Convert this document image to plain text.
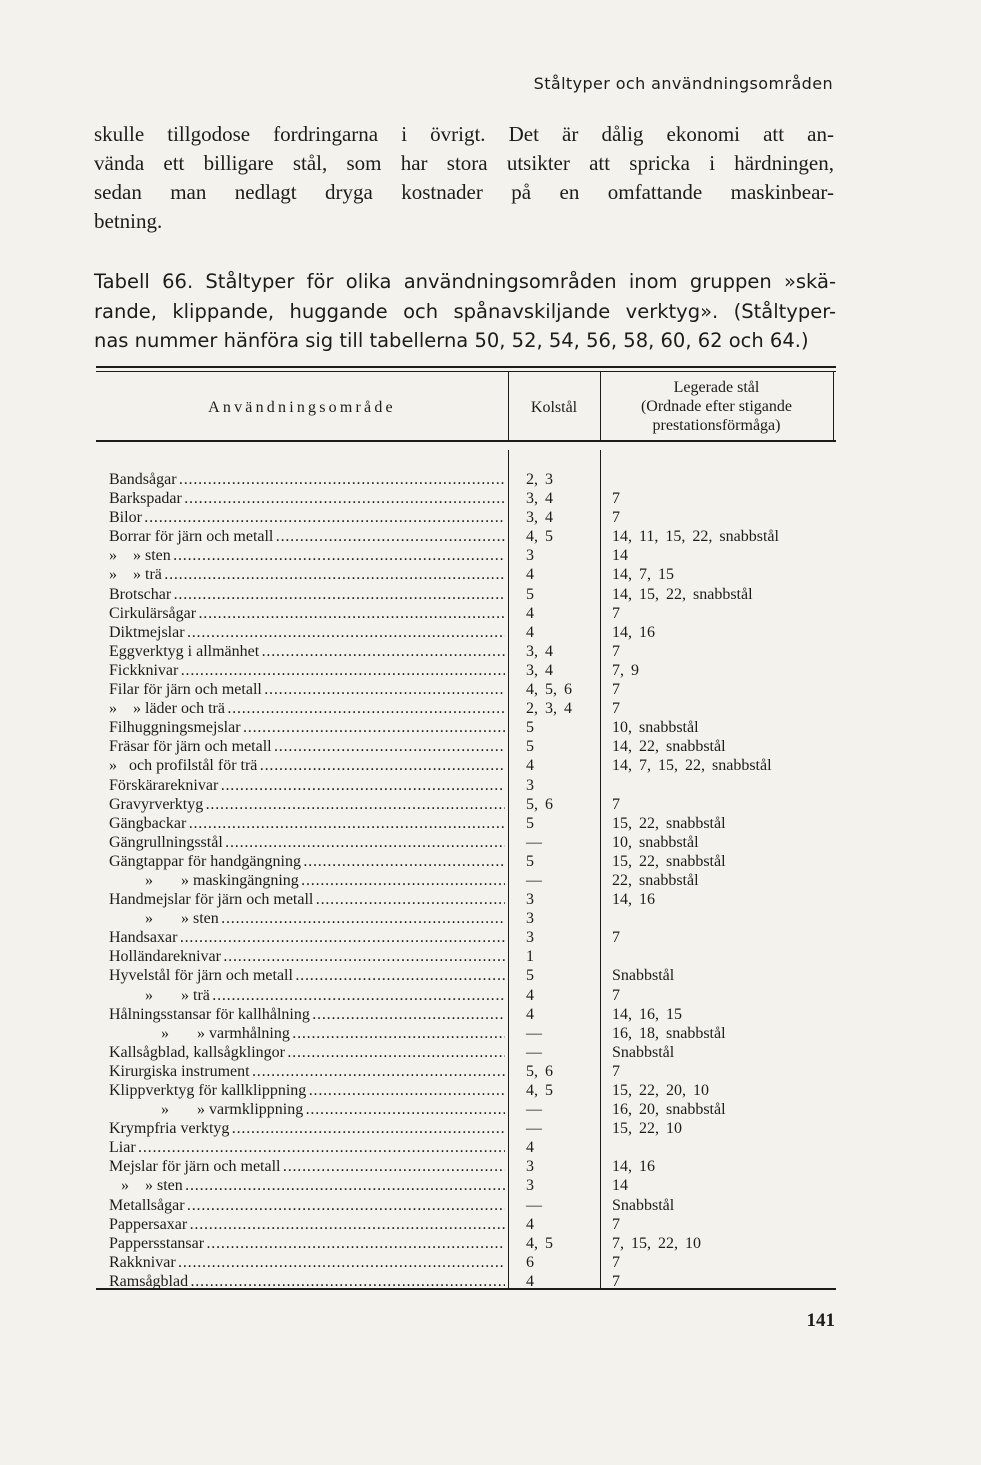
Ståltyper och användningsområden

skulle tillgodose fordringarna i övrigt. Det är dålig ekonomi att an-
vända ett billigare stål, som har stora utsikter att spricka i härdningen,
sedan man nedlagt dryga kostnader på en omfattande maskinbear-
betning.

Tabell 66. Ståltyper för olika användningsområden inom gruppen »skä-
rande, klippande, huggande och spånavskiljande verktyg». (Ståltyper-
nas nummer hänföra sig till tabellerna 50, 52, 54, 56, 58, 60, 62 och 64.)

Användningsområde	Kolstål
Legerade stål
(Ordnade efter stigande
prestationsförmåga)
Bandsågar . . .	2, 3
Barkspadar . . .	3, 4	7
Bilor . . .	3, 4	7
Borrar för järn och metall . . .	4, 5	14, 11, 15, 22, snabbstål
»    » sten . . .	3	14
»    » trä . . .	4	14, 7, 15
Brotschar . . .	5	14, 15, 22, snabbstål
Cirkulärsågar . . .	4	7
Diktmejslar . . .	4	14, 16
Eggverktyg i allmänhet . . .	3, 4	7
Fickknivar . . .	3, 4	7, 9
Filar för järn och metall . . .	4, 5, 6	7
»    » läder och trä . . .	2, 3, 4	7
Filhuggningsmejslar . . .	5	10, snabbstål
Fräsar för järn och metall . . .	5	14, 22, snabbstål
»   och profilstål för trä . . .	4	14, 7, 15, 22, snabbstål
Förskärareknivar . . .	3
Gravyrverktyg . . .	5, 6	7
Gängbackar . . .	5	15, 22, snabbstål
Gängrullningsstål . . .	—	10, snabbstål
Gängtappar för handgängning . . .	5	15, 22, snabbstål
»       » maskingängning . . .	—	22, snabbstål
Handmejslar för järn och metall . . .	3	14, 16
»       » sten . . .	3
Handsaxar . . .	3	7
Holländareknivar . . .	1
Hyvelstål för järn och metall . . .	5	Snabbstål
»       » trä . . .	4	7
Hålningsstansar för kallhålning . . .	4	14, 16, 15
»       » varmhålning . . .	—	16, 18, snabbstål
Kallsågblad, kallsågklingor . . .	—	Snabbstål
Kirurgiska instrument . . .	5, 6	7
Klippverktyg för kallklippning . . .	4, 5	15, 22, 20, 10
»       » varmklippning . . .	—	16, 20, snabbstål
Krympfria verktyg . . .	—	15, 22, 10
Liar . . .	4
Mejslar för järn och metall . . .	3	14, 16
»    » sten . . .	3	14
Metallsågar . . .	—	Snabbstål
Pappersaxar . . .	4	7
Pappersstansar . . .	4, 5	7, 15, 22, 10
Rakknivar . . .	6	7
Ramsågblad . . .	4	7
141
